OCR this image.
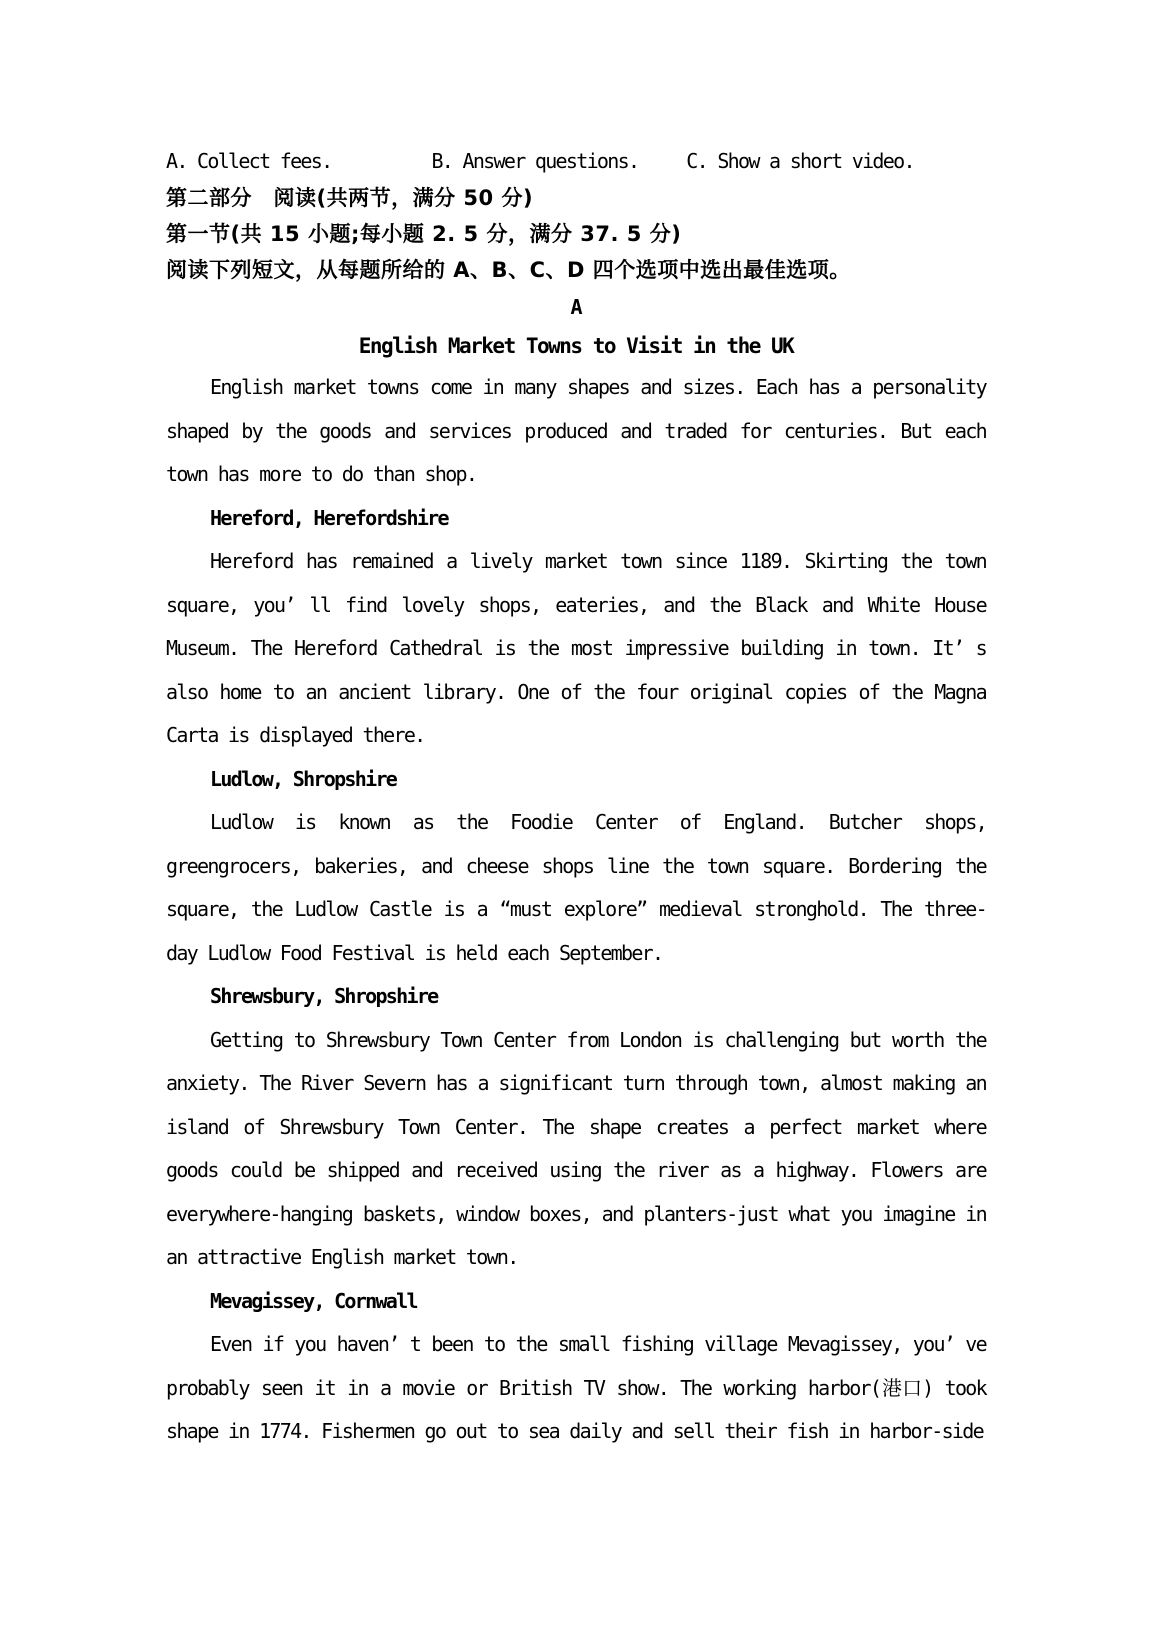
A. Collect fees.	B. Answer questions. C. Show a short video.
第二部分　阅读(共两节，满分 50 分)
第一节(共 15 小题;每小题 2. 5 分，满分 37. 5 分)
阅读下列短文，从每题所给的 A、B、C、D 四个选项中选出最佳选项。
A
English Market Towns to Visit in the UK

English market towns come in many shapes and sizes. Each has a personality shaped by the goods and services produced and traded for centuries. But each town has more to do than shop.

Hereford, Herefordshire

Hereford has remained a lively market town since 1189. Skirting the town square, you’ ll find lovely shops, eateries, and the Black and White House Museum. The Hereford Cathedral is the most impressive building in town. It’ s also home to an ancient library. One of the four original copies of the Magna Carta is displayed there.

Ludlow, Shropshire

Ludlow is known as the Foodie Center of England. Butcher shops, greengrocers, bakeries, and cheese shops line the town square. Bordering the square, the Ludlow Castle is a “must explore” medieval stronghold. The three-day Ludlow Food Festival is held each September.

Shrewsbury, Shropshire

Getting to Shrewsbury Town Center from London is challenging but worth the anxiety. The River Severn has a significant turn through town, almost making an island of Shrewsbury Town Center. The shape creates a perfect market where goods could be shipped and received using the river as a highway. Flowers are everywhere-hanging baskets, window boxes, and planters-just what you imagine in an attractive English market town.

Mevagissey, Cornwall

Even if you haven’ t been to the small fishing village Mevagissey, you’ ve probably seen it in a movie or British TV show. The working harbor(港口) took shape in 1774. Fishermen go out to sea daily and sell their fish in harbor-side
